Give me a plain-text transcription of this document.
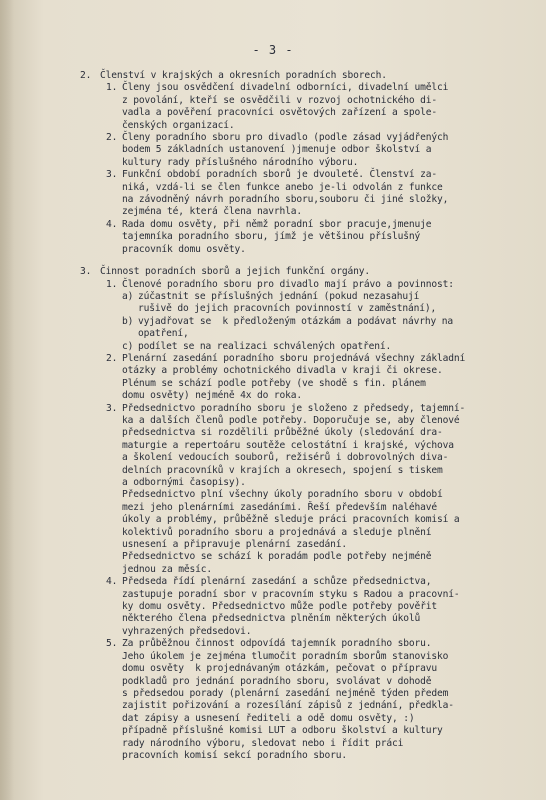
- 3 -
2. Členství v krajských a okresních poradních sborech.
1. Členy jsou osvědčení divadelní odborníci, divadelní umělci
z povolání, kteří se osvědčili v rozvoj ochotnického di-
vadla a pověření pracovníci osvětových zařízení a spole-
čenských organizací.
2. Členy poradního sboru pro divadlo (podle zásad vyjádřených
bodem 5 základních ustanovení )jmenuje odbor školství a
kultury rady příslušného národního výboru.
3. Funkční období poradních sborů je dvouleté. Členství za-
niká, vzdá-li se člen funkce anebo je-li odvolán z funkce
na závodněný návrh poradního sboru,souboru či jiné složky,
zejména té, která člena navrhla.
4. Rada domu osvěty, při němž poradní sbor pracuje,jmenuje
tajemníka poradního sboru, jímž je většinou příslušný
pracovník domu osvěty.
3. Činnost poradních sborů a jejich funkční orgány.
1. Členové poradního sboru pro divadlo mají právo a povinnost:
a) zúčastnit se příslušných jednání (pokud nezasahují
rušivě do jejich pracovních povinností v zaměstnání),
b) vyjadřovat se  k předloženým otázkám a podávat návrhy na
opatření,
c) podílet se na realizaci schválených opatření.
2. Plenární zasedání poradního sboru projednává všechny základní
otázky a problémy ochotnického divadla v kraji či okrese.
Plénum se schází podle potřeby (ve shodě s fin. plánem
domu osvěty) nejméně 4x do roka.
3. Předsednictvo poradního sboru je složeno z předsedy, tajemní-
ka a dalších členů podle potřeby. Doporučuje se, aby členové
předsednictva si rozdělili průběžné úkoly (sledování dra-
maturgie a repertoáru soutěže celostátní i krajské, výchova
a školení vedoucích souborů, režisérů i dobrovolných diva-
delních pracovníků v krajích a okresech, spojení s tiskem
a odbornými časopisy).
Předsednictvo plní všechny úkoly poradního sboru v období
mezi jeho plenárními zasedáními. Řeší především naléhavé
úkoly a problémy, průběžně sleduje práci pracovních komisí a
kolektivů poradního sboru a projednává a sleduje plnění
usnesení a připravuje plenární zasedání.
Předsednictvo se schází k poradám podle potřeby nejméně
jednou za měsíc.
4. Předseda řídí plenární zasedání a schůze předsednictva,
zastupuje poradní sbor v pracovním styku s Radou a pracovní-
ky domu osvěty. Předsednictvo může podle potřeby pověřit
některého člena předsednictva plněním některých úkolů
vyhrazených předsedovi.
5. Za průběžnou činnost odpovídá tajemník poradního sboru.
Jeho úkolem je zejména tlumočit poradním sborům stanovisko
domu osvěty  k projednávaným otázkám, pečovat o přípravu
podkladů pro jednání poradního sboru, svolávat v dohodě
s předsedou porady (plenární zasedání nejméně týden předem
zajistit pořizování a rozesílání zápisů z jednání, předkla-
dat zápisy a usnesení řediteli a odě domu osvěty, :)
případně příslušné komisi LUT a odboru školství a kultury
rady národního výboru, sledovat nebo i řídit práci
pracovních komisí sekcí poradního sboru.
